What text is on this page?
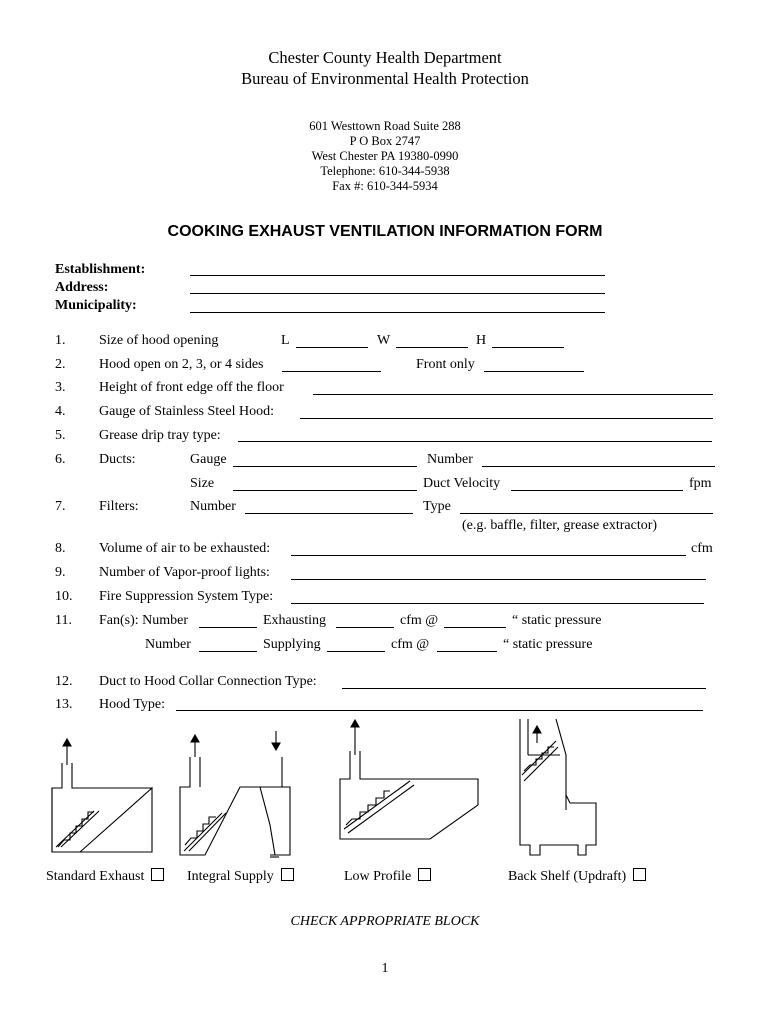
Chester County Health Department
Bureau of Environmental Health Protection
601 Westtown Road Suite 288
P O Box 2747
West Chester PA 19380-0990
Telephone: 610-344-5938
Fax #: 610-344-5934
COOKING EXHAUST VENTILATION INFORMATION FORM
Establishment:
Address:
Municipality:
1. Size of hood opening	L	W	H
2. Hood open on 2, 3, or 4 sides	Front only
3. Height of front edge off the floor
4. Gauge of Stainless Steel Hood:
5. Grease drip tray type:
6. Ducts:	Gauge	Number
Size	Duct Velocity	fpm
7. Filters:	Number	Type
(e.g. baffle, filter, grease extractor)
8. Volume of air to be exhausted:	cfm
9. Number of Vapor-proof lights:
10. Fire Suppression System Type:
11. Fan(s): Number	Exhausting	cfm @	“ static pressure
Number	Supplying	cfm @	“ static pressure
12. Duct to Hood Collar Connection Type:
13. Hood Type:
Standard Exhaust	Integral Supply	Low Profile	Back Shelf (Updraft)
CHECK APPROPRIATE BLOCK
1
